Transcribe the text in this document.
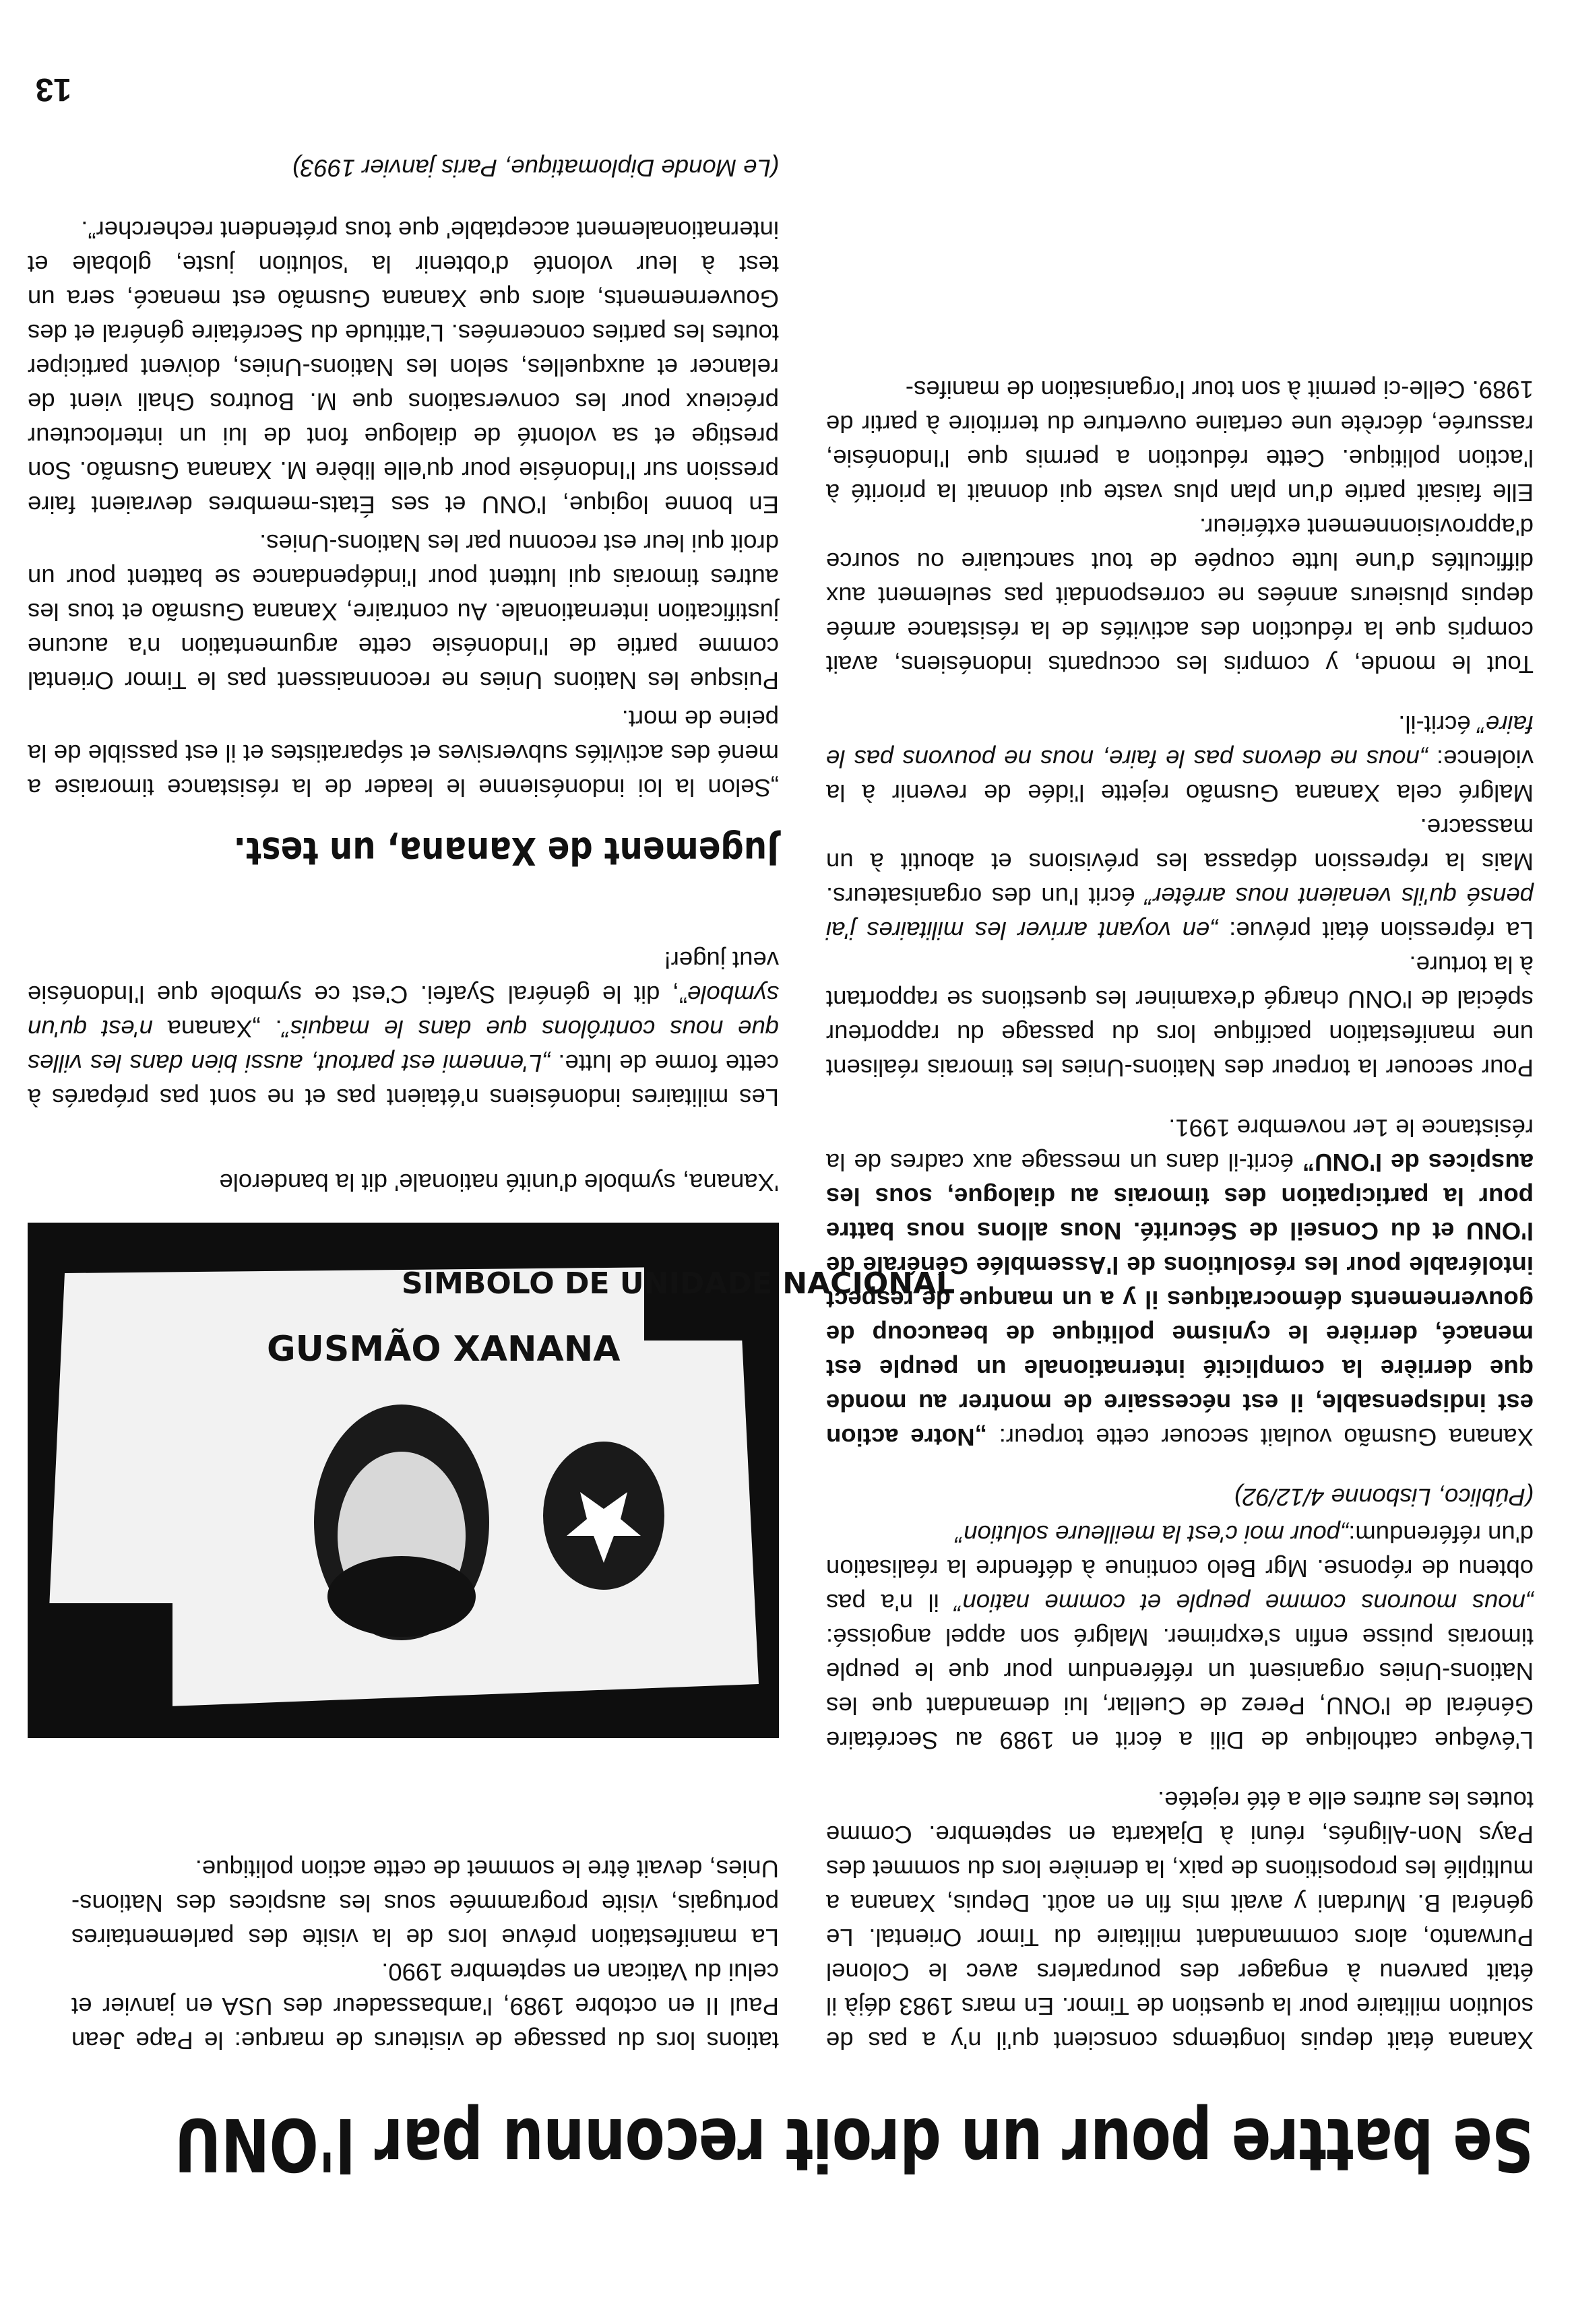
13
Se battre pour un droit reconnu par l'ONU

Xanana était depuis longtemps conscient qu'il n'y a pas de solution militaire pour la question de Timor. En mars 1983 déjà il était parvenu à engager des pourparlers avec le Colonel Purwanto, alors commandant militaire du Timor Oriental. Le général B. Murdani y avait mis fin en août. Depuis, Xanana a multiplié les propositions de paix, la dernière lors du sommet des Pays Non-Alignés, réuni à Djakarta en septembre. Comme toutes les autres elle a été rejetée.

L'évêque catholique de Dili a écrit en 1989 au Secrétaire Général de l'ONU, Perez de Cuellar, lui demandant que les Nations-Unies organisent un référendum pour que le peuple timorais puisse enfin s'exprimer. Malgré son appel angoissé: „nous mourons comme peuple et comme nation” il n'a pas obtenu de réponse. Mgr Belo continue à défendre la réalisation d'un référendum:„pour moi c'est la meilleure solution”

(Público, Lisbonne 4/12/92)

Xanana Gusmão voulait secouer cette torpeur: „Notre action est indispensable, il est nécessaire de montrer au monde que derrière la complicité internationale un peuple est menacé, derrière le cynisme politique de beaucoup de gouvernements démocratiques il y a un manque de respect intolérable pour les résolutions de l'Assemblée Générale de l'ONU et du Conseil de Sécurité. Nous allons nous battre pour la participation des timorais au dialogue, sous les auspices de l'ONU” écrit-il dans un message aux cadres de la résistance le 1er novembre 1991.

Pour secouer la torpeur des Nations-Unies les timorais réalisent une manifestation pacifique lors du passage du rapporteur spécial de l'ONU chargé d'examiner les questions se rapportant à la torture.

La répression était prévue: „en voyant arriver les militaires j'ai pensé qu'ils venaient nous arrêter” écrit l'un des organisateurs. Mais la répression dépassa les prévisions et aboutit à un massacre.

Malgré cela Xanana Gusmão rejette l'idée de revenir à la violence: „nous ne devons pas le faire, nous ne pouvons pas le faire” écrit-il.

Tout le monde, y compris les occupants indonésiens, avait compris que la réduction des activités de la résistance armée depuis plusieurs années ne correspondait pas seulement aux difficultés d'une lutte coupée de tout sanctuaire ou source d'approvisionnement extérieur.

Elle faisait partie d'un plan plus vaste qui donnait la priorité à l'action politique. Cette réduction a permis que l'Indonésie, rassurée, décrète une certaine ouverture du territoire à partir de 1989. Celle-ci permit à son tour l'organisation de manifes-

tations lors du passage de visiteurs de marque: le Pape Jean Paul II en octobre 1989, l'ambassadeur des USA en janvier et celui du Vatican en septembre 1990.

La manifestation prévue lors de la visite des parlementaires portugais, visite programmée sous les auspices des Nations-Unies, devait être le sommet de cette action politique.

GUSMÃO XANANA
SIMBOLO DE UNIDADE NACIONAL
'Xanana, symbole d'unité nationale' dit la banderole
Les militaires indonésiens n'étaient pas et ne sont pas préparés à cette forme de lutte. „L'ennemi est partout, aussi bien dans les villes que nous contrôlons que dans le maquis”. „Xanana n'est qu'un symbole”, dit le général Syafei. C'est ce symbole que l'Indonésie veut juger!
Jugement de Xanana, un test.

„Selon la loi indonésienne le leader de la résistance timoraise a mené des activités subversives et séparatistes et il est passible de la peine de mort.

Puisque les Nations Unies ne reconnaissent pas le Timor Oriental comme partie de l'Indonésie cette argumentation n'a aucune justification internationale. Au contraire, Xanana Gusmão et tous les autres timorais qui luttent pour l'indépendance se battent pour un droit qui leur est reconnu par les Nations-Unies.

En bonne logique, l'ONU et ses États-membres devraient faire pression sur l'Indonésie pour qu'elle libère M. Xanana Gusmão. Son prestige et sa volonté de dialogue font de lui un interlocuteur précieux pour les conversations que M. Boutros Ghali vient de relancer et auxquelles, selon les Nations-Unies, doivent participer toutes les parties concernées. L'attitude du Secrétaire général et des Gouvernements, alors que Xanana Gusmão est menacé, sera un test à leur volonté d'obtenir la 'solution juste, globale et internationalement acceptable' que tous prétendent rechercher”.

(Le Monde Diplomatique, Paris janvier 1993)
